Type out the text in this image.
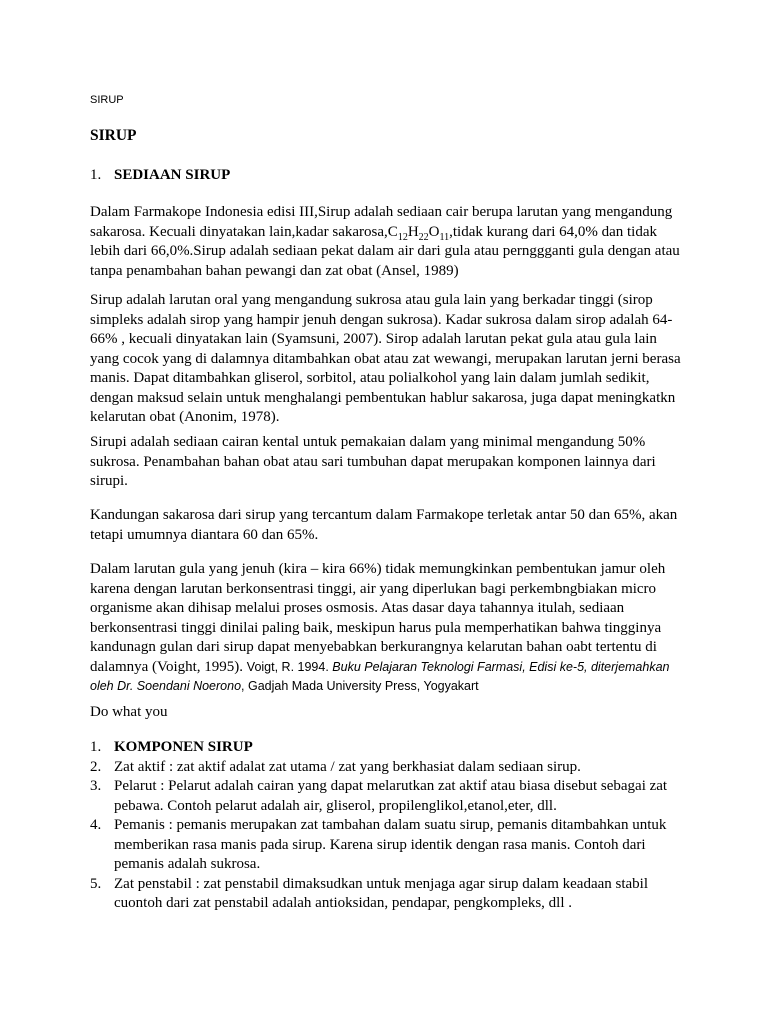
SIRUP
SIRUP
1. SEDIAAN SIRUP

Dalam Farmakope Indonesia edisi III,Sirup adalah sediaan cair berupa larutan yang mengandung sakarosa. Kecuali dinyatakan lain,kadar $sakarosa,C_{12}H_{22}O_{11},tidak$ kurang dari 64,0% dan tidak lebih dari 66,0%.Sirup adalah sediaan pekat dalam air dari gula atau pernggganti gula dengan atau tanpa penambahan bahan pewangi dan zat obat (Ansel, 1989)

Sirup adalah larutan oral yang mengandung sukrosa atau gula lain yang berkadar tinggi (sirop simpleks adalah sirop yang hampir jenuh dengan sukrosa). Kadar sukrosa dalam sirop adalah 64-66% , kecuali dinyatakan lain (Syamsuni, 2007). Sirop adalah larutan pekat gula atau gula lain yang cocok yang di dalamnya ditambahkan obat atau zat wewangi, merupakan larutan jerni berasa manis. Dapat ditambahkan gliserol, sorbitol, atau polialkohol yang lain dalam jumlah sedikit, dengan maksud selain untuk menghalangi pembentukan hablur sakarosa, juga dapat meningkatkn kelarutan obat (Anonim, 1978).

Sirupi adalah sediaan cairan kental untuk pemakaian dalam yang minimal mengandung 50% sukrosa. Penambahan bahan obat atau sari tumbuhan dapat merupakan komponen lainnya dari sirupi.

Kandungan sakarosa dari sirup yang tercantum dalam Farmakope terletak antar 50 dan 65%, akan tetapi umumnya diantara 60 dan 65%.

Dalam larutan gula yang jenuh (kira – kira 66%) tidak memungkinkan pembentukan jamur oleh karena dengan larutan berkonsentrasi tinggi, air yang diperlukan bagi perkembngbiakan micro organisme akan dihisap melalui proses osmosis. Atas dasar daya tahannya itulah, sediaan berkonsentrasi tinggi dinilai paling baik, meskipun harus pula memperhatikan bahwa tingginya kandunagn gulan dari sirup dapat menyebabkan berkurangnya kelarutan bahan oabt tertentu di dalamnya (Voight, 1995). Voigt, R. 1994. Buku Pelajaran Teknologi Farmasi, Edisi ke-5, diterjemahkan oleh Dr. Soendani Noerono, Gadjah Mada University Press, Yogyakart

Do what you

1. KOMPONEN SIRUP
2. Zat aktif : zat aktif adalat zat utama / zat yang berkhasiat dalam sediaan sirup.
3. Pelarut : Pelarut adalah cairan yang dapat melarutkan zat aktif atau biasa disebut sebagai zat pebawa. Contoh pelarut adalah air, gliserol, propilenglikol,etanol,eter, dll.
4. Pemanis : pemanis merupakan zat tambahan dalam suatu sirup, pemanis ditambahkan untuk memberikan rasa manis pada sirup. Karena sirup identik dengan rasa manis. Contoh dari pemanis adalah sukrosa.
5. Zat penstabil : zat penstabil dimaksudkan untuk menjaga agar sirup dalam keadaan stabil cuontoh dari zat penstabil adalah antioksidan, pendapar, pengkompleks, dll .
